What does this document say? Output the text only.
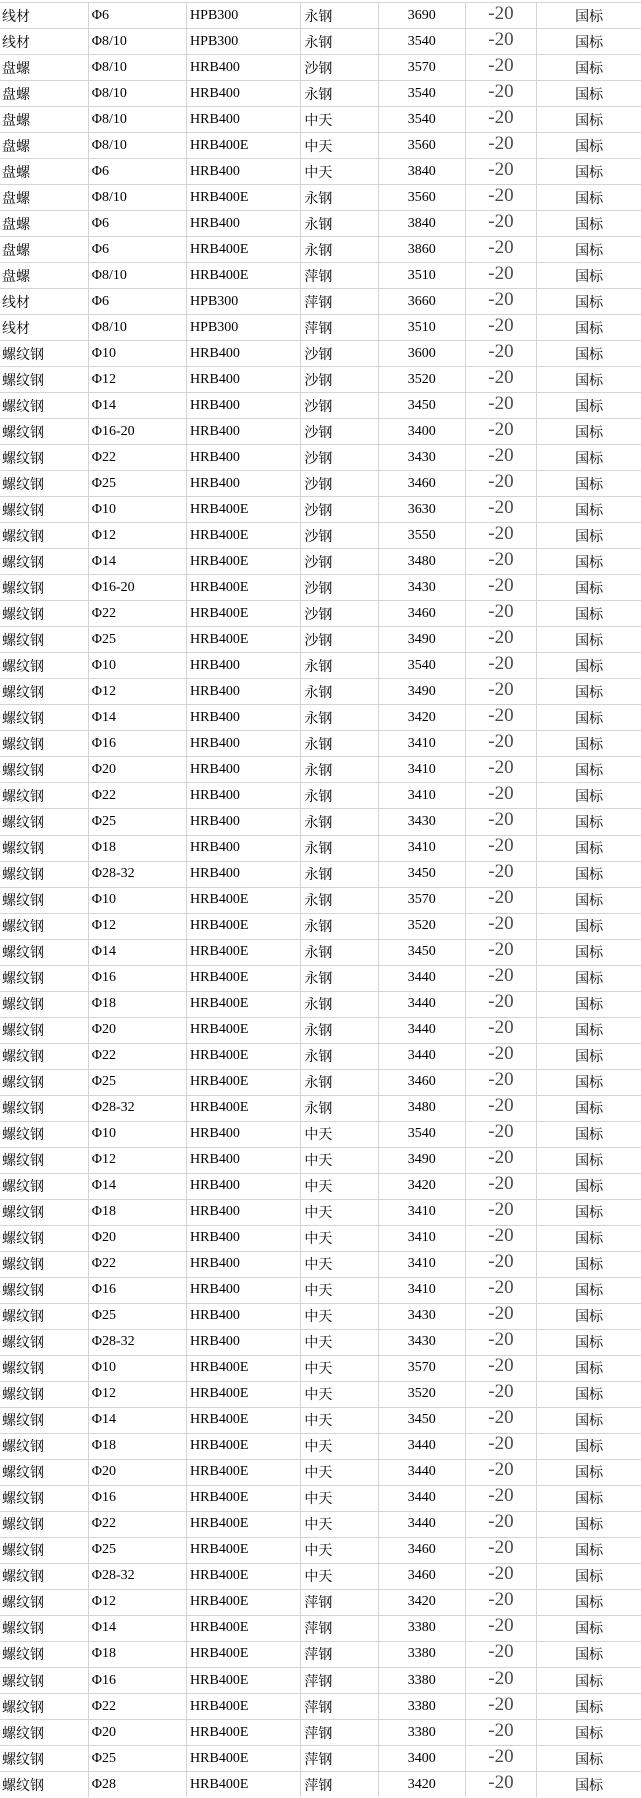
线材	Φ6	HPB300	永钢	3690	-20	国标
线材	Φ8/10	HPB300	永钢	3540	-20	国标
盘螺	Φ8/10	HRB400	沙钢	3570	-20	国标
盘螺	Φ8/10	HRB400	永钢	3540	-20	国标
盘螺	Φ8/10	HRB400	中天	3540	-20	国标
盘螺	Φ8/10	HRB400E	中天	3560	-20	国标
盘螺	Φ6	HRB400	中天	3840	-20	国标
盘螺	Φ8/10	HRB400E	永钢	3560	-20	国标
盘螺	Φ6	HRB400	永钢	3840	-20	国标
盘螺	Φ6	HRB400E	永钢	3860	-20	国标
盘螺	Φ8/10	HRB400E	萍钢	3510	-20	国标
线材	Φ6	HPB300	萍钢	3660	-20	国标
线材	Φ8/10	HPB300	萍钢	3510	-20	国标
螺纹钢	Φ10	HRB400	沙钢	3600	-20	国标
螺纹钢	Φ12	HRB400	沙钢	3520	-20	国标
螺纹钢	Φ14	HRB400	沙钢	3450	-20	国标
螺纹钢	Φ16-20	HRB400	沙钢	3400	-20	国标
螺纹钢	Φ22	HRB400	沙钢	3430	-20	国标
螺纹钢	Φ25	HRB400	沙钢	3460	-20	国标
螺纹钢	Φ10	HRB400E	沙钢	3630	-20	国标
螺纹钢	Φ12	HRB400E	沙钢	3550	-20	国标
螺纹钢	Φ14	HRB400E	沙钢	3480	-20	国标
螺纹钢	Φ16-20	HRB400E	沙钢	3430	-20	国标
螺纹钢	Φ22	HRB400E	沙钢	3460	-20	国标
螺纹钢	Φ25	HRB400E	沙钢	3490	-20	国标
螺纹钢	Φ10	HRB400	永钢	3540	-20	国标
螺纹钢	Φ12	HRB400	永钢	3490	-20	国标
螺纹钢	Φ14	HRB400	永钢	3420	-20	国标
螺纹钢	Φ16	HRB400	永钢	3410	-20	国标
螺纹钢	Φ20	HRB400	永钢	3410	-20	国标
螺纹钢	Φ22	HRB400	永钢	3410	-20	国标
螺纹钢	Φ25	HRB400	永钢	3430	-20	国标
螺纹钢	Φ18	HRB400	永钢	3410	-20	国标
螺纹钢	Φ28-32	HRB400	永钢	3450	-20	国标
螺纹钢	Φ10	HRB400E	永钢	3570	-20	国标
螺纹钢	Φ12	HRB400E	永钢	3520	-20	国标
螺纹钢	Φ14	HRB400E	永钢	3450	-20	国标
螺纹钢	Φ16	HRB400E	永钢	3440	-20	国标
螺纹钢	Φ18	HRB400E	永钢	3440	-20	国标
螺纹钢	Φ20	HRB400E	永钢	3440	-20	国标
螺纹钢	Φ22	HRB400E	永钢	3440	-20	国标
螺纹钢	Φ25	HRB400E	永钢	3460	-20	国标
螺纹钢	Φ28-32	HRB400E	永钢	3480	-20	国标
螺纹钢	Φ10	HRB400	中天	3540	-20	国标
螺纹钢	Φ12	HRB400	中天	3490	-20	国标
螺纹钢	Φ14	HRB400	中天	3420	-20	国标
螺纹钢	Φ18	HRB400	中天	3410	-20	国标
螺纹钢	Φ20	HRB400	中天	3410	-20	国标
螺纹钢	Φ22	HRB400	中天	3410	-20	国标
螺纹钢	Φ16	HRB400	中天	3410	-20	国标
螺纹钢	Φ25	HRB400	中天	3430	-20	国标
螺纹钢	Φ28-32	HRB400	中天	3430	-20	国标
螺纹钢	Φ10	HRB400E	中天	3570	-20	国标
螺纹钢	Φ12	HRB400E	中天	3520	-20	国标
螺纹钢	Φ14	HRB400E	中天	3450	-20	国标
螺纹钢	Φ18	HRB400E	中天	3440	-20	国标
螺纹钢	Φ20	HRB400E	中天	3440	-20	国标
螺纹钢	Φ16	HRB400E	中天	3440	-20	国标
螺纹钢	Φ22	HRB400E	中天	3440	-20	国标
螺纹钢	Φ25	HRB400E	中天	3460	-20	国标
螺纹钢	Φ28-32	HRB400E	中天	3460	-20	国标
螺纹钢	Φ12	HRB400E	萍钢	3420	-20	国标
螺纹钢	Φ14	HRB400E	萍钢	3380	-20	国标
螺纹钢	Φ18	HRB400E	萍钢	3380	-20	国标
螺纹钢	Φ16	HRB400E	萍钢	3380	-20	国标
螺纹钢	Φ22	HRB400E	萍钢	3380	-20	国标
螺纹钢	Φ20	HRB400E	萍钢	3380	-20	国标
螺纹钢	Φ25	HRB400E	萍钢	3400	-20	国标
螺纹钢	Φ28	HRB400E	萍钢	3420	-20	国标
